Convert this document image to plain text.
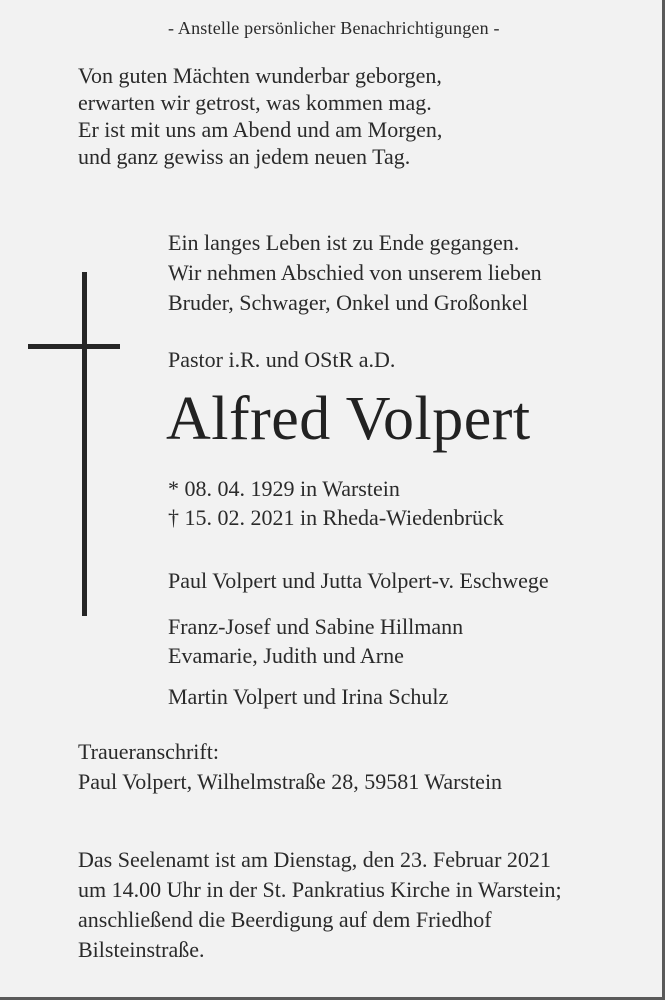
- Anstelle persönlicher Benachrichtigungen -
Von guten Mächten wunderbar geborgen,
erwarten wir getrost, was kommen mag.
Er ist mit uns am Abend und am Morgen,
und ganz gewiss an jedem neuen Tag.
Ein langes Leben ist zu Ende gegangen.
Wir nehmen Abschied von unserem lieben
Bruder, Schwager, Onkel und Großonkel
Pastor i.R. und OStR a.D.
Alfred Volpert
* 08. 04. 1929 in Warstein
† 15. 02. 2021 in Rheda-Wiedenbrück
Paul Volpert und Jutta Volpert-v. Eschwege
Franz-Josef und Sabine Hillmann
Evamarie, Judith und Arne
Martin Volpert und Irina Schulz
Traueranschrift:
Paul Volpert, Wilhelmstraße 28, 59581 Warstein
Das Seelenamt ist am Dienstag, den 23. Februar 2021
um 14.00 Uhr in der St. Pankratius Kirche in Warstein;
anschließend die Beerdigung auf dem Friedhof
Bilsteinstraße.
